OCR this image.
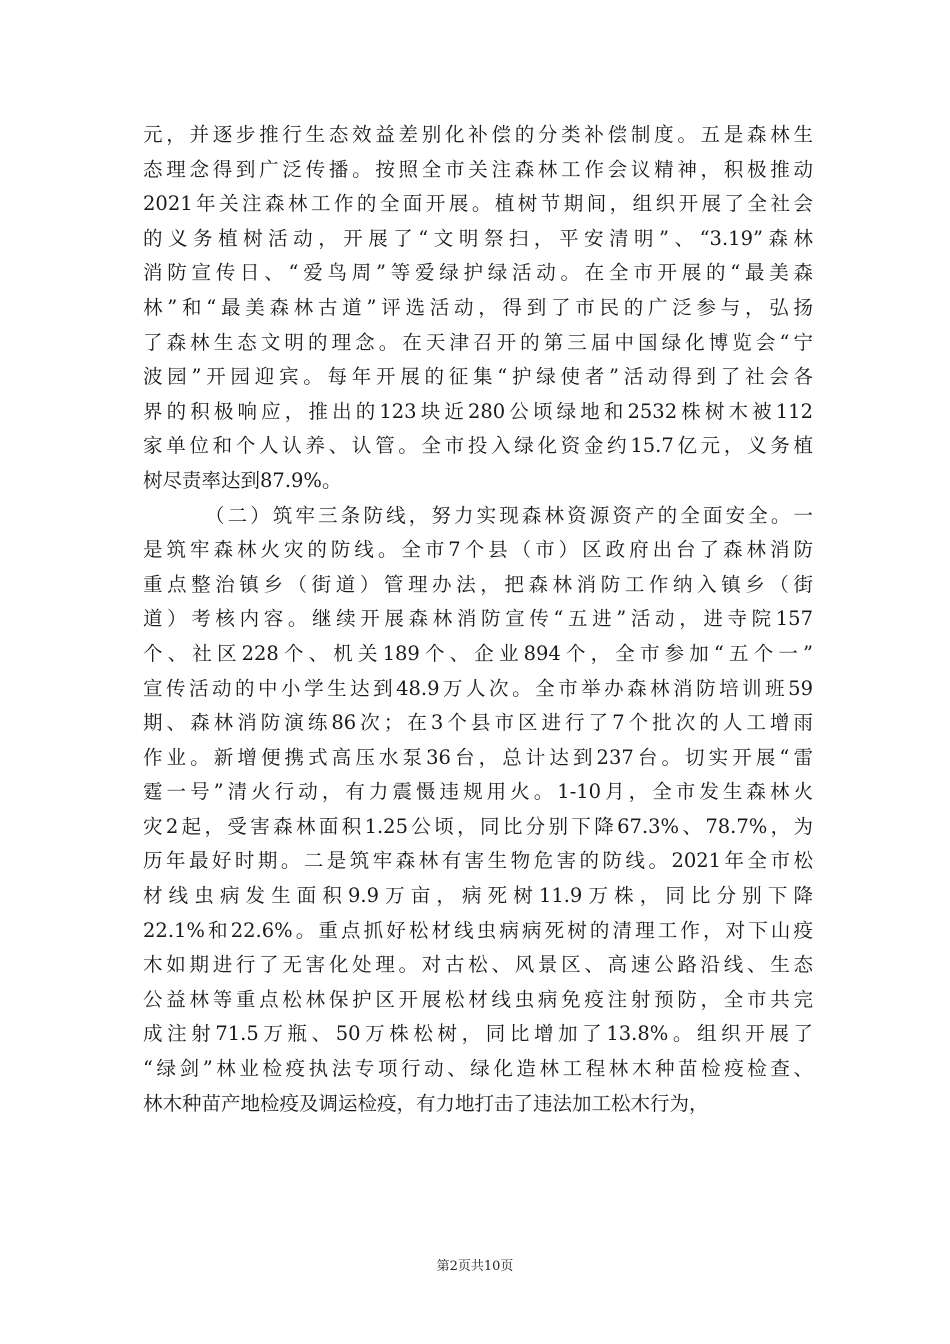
元，并逐步推行生态效益差别化补偿的分类补偿制度。五是森林生
态理念得到广泛传播。按照全市关注森林工作会议精神，积极推动
2021年关注森林工作的全面开展。植树节期间，组织开展了全社会
的义务植树活动，开展了“文明祭扫，平安清明”、“3.19”森林
消防宣传日、“爱鸟周”等爱绿护绿活动。在全市开展的“最美森
林”和“最美森林古道”评选活动，得到了市民的广泛参与，弘扬
了森林生态文明的理念。在天津召开的第三届中国绿化博览会“宁
波园”开园迎宾。每年开展的征集“护绿使者”活动得到了社会各
界的积极响应，推出的123块近280公顷绿地和2532株树木被112
家单位和个人认养、认管。全市投入绿化资金约15.7亿元，义务植
树尽责率达到87.9%。
（二）筑牢三条防线，努力实现森林资源资产的全面安全。一
是筑牢森林火灾的防线。全市7个县（市）区政府出台了森林消防
重点整治镇乡（街道）管理办法，把森林消防工作纳入镇乡（街
道）考核内容。继续开展森林消防宣传“五进”活动，进寺院157
个、社区228个、机关189个、企业894个，全市参加“五个一”
宣传活动的中小学生达到48.9万人次。全市举办森林消防培训班59
期、森林消防演练86次；在3个县市区进行了7个批次的人工增雨
作业。新增便携式高压水泵36台，总计达到237台。切实开展“雷
霆一号”清火行动，有力震慑违规用火。1-10月，全市发生森林火
灾2起，受害森林面积1.25公顷，同比分别下降67.3%、78.7%，为
历年最好时期。二是筑牢森林有害生物危害的防线。2021年全市松
材线虫病发生面积9.9万亩，病死树11.9万株，同比分别下降
22.1%和22.6%。重点抓好松材线虫病病死树的清理工作，对下山疫
木如期进行了无害化处理。对古松、风景区、高速公路沿线、生态
公益林等重点松林保护区开展松材线虫病免疫注射预防，全市共完
成注射71.5万瓶、50万株松树，同比增加了13.8%。组织开展了
“绿剑”林业检疫执法专项行动、绿化造林工程林木种苗检疫检查、
林木种苗产地检疫及调运检疫，有力地打击了违法加工松木行为，
第2页共10页
